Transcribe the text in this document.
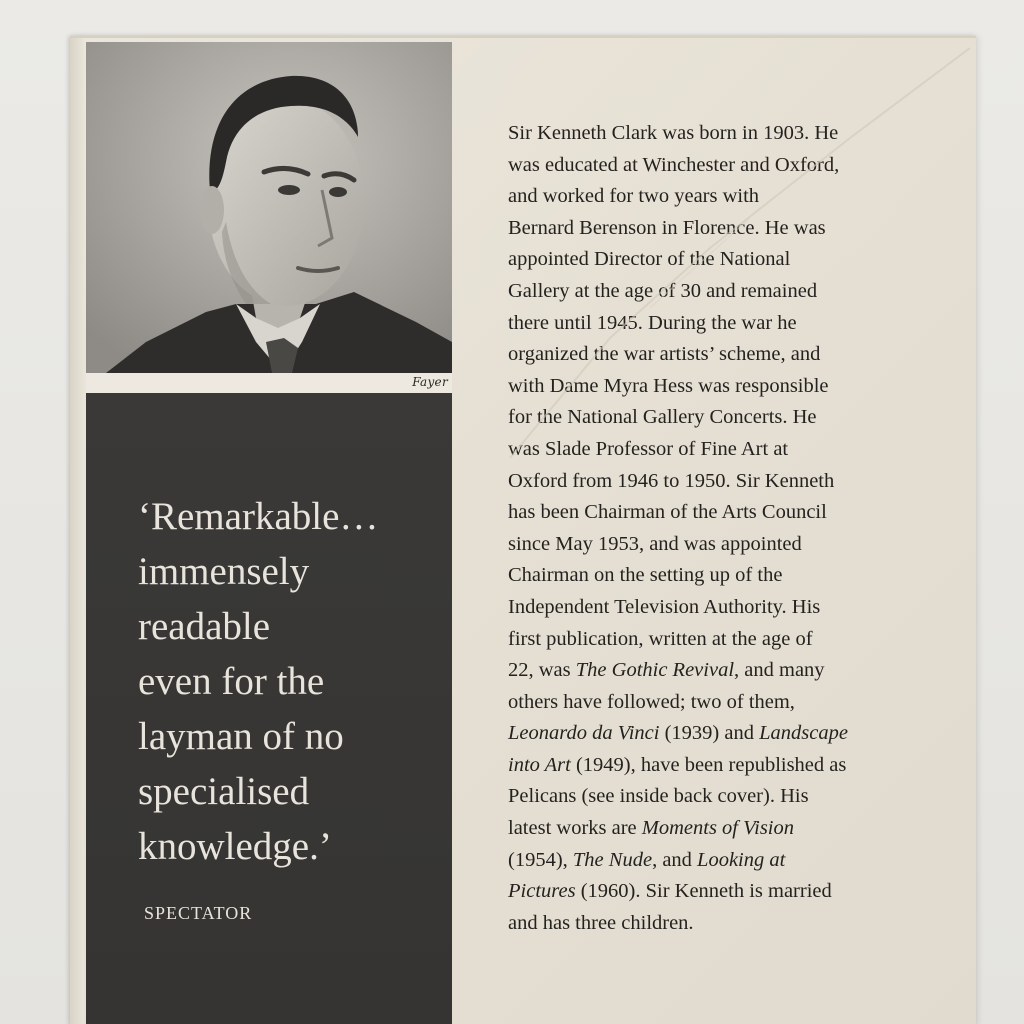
Fayer
‘Remarkable…
immensely
readable
even for the
layman of no
specialised
knowledge.’
SPECTATOR
Sir Kenneth Clark was born in 1903. He
was educated at Winchester and Oxford,
and worked for two years with
Bernard Berenson in Florence. He was
appointed Director of the National
Gallery at the age of 30 and remained
there until 1945. During the war he
organized the war artists’ scheme, and
with Dame Myra Hess was responsible
for the National Gallery Concerts. He
was Slade Professor of Fine Art at
Oxford from 1946 to 1950. Sir Kenneth
has been Chairman of the Arts Council
since May 1953, and was appointed
Chairman on the setting up of the
Independent Television Authority. His
first publication, written at the age of
22, was The Gothic Revival, and many
others have followed; two of them,
Leonardo da Vinci (1939) and Landscape
into Art (1949), have been republished as
Pelicans (see inside back cover). His
latest works are Moments of Vision
(1954), The Nude, and Looking at
Pictures (1960). Sir Kenneth is married
and has three children.
